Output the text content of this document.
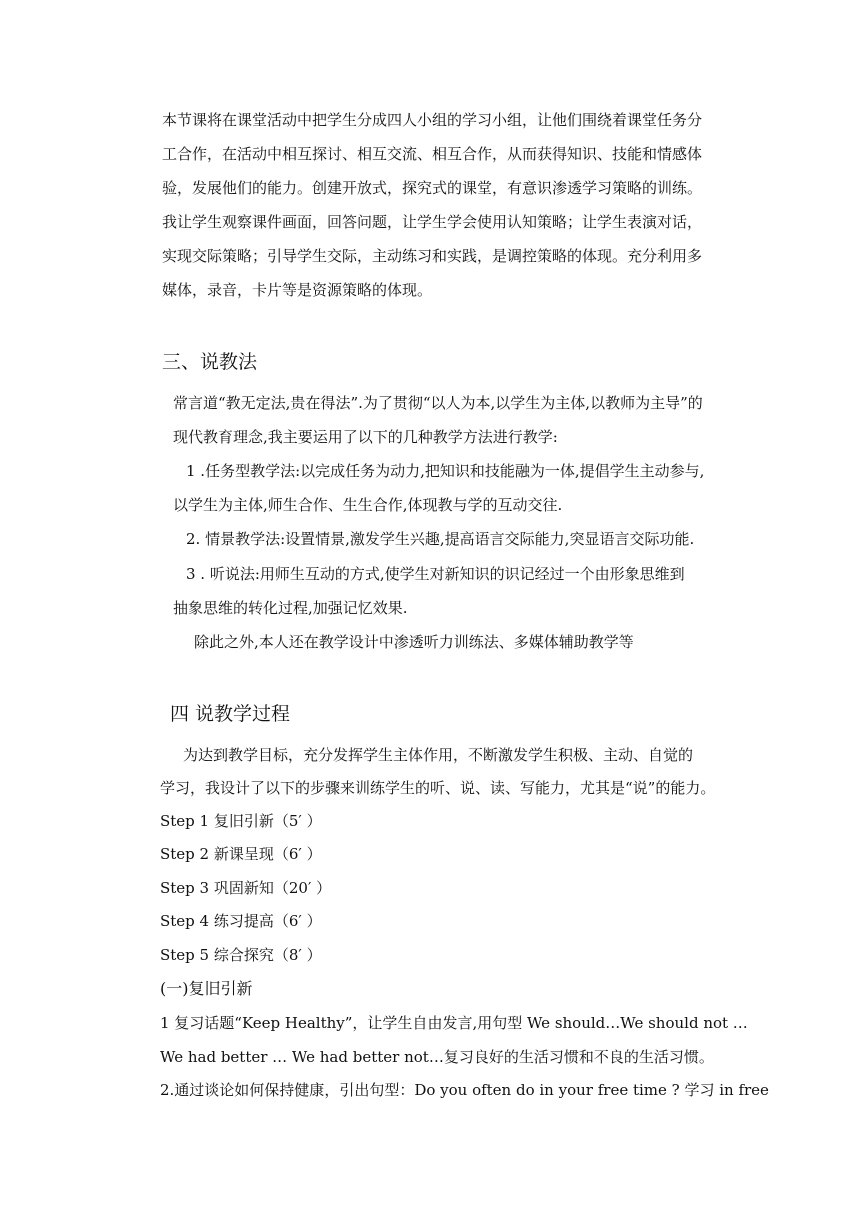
本节课将在课堂活动中把学生分成四人小组的学习小组，让他们围绕着课堂任务分
工合作，在活动中相互探讨、相互交流、相互合作，从而获得知识、技能和情感体
验，发展他们的能力。创建开放式，探究式的课堂，有意识渗透学习策略的训练。
我让学生观察课件画面，回答问题，让学生学会使用认知策略；让学生表演对话，
实现交际策略；引导学生交际，主动练习和实践，是调控策略的体现。充分利用多
媒体，录音，卡片等是资源策略的体现。
三、说教法
常言道“教无定法,贵在得法”.为了贯彻“以人为本,以学生为主体,以教师为主导”的
现代教育理念,我主要运用了以下的几种教学方法进行教学:
1 .任务型教学法:以完成任务为动力,把知识和技能融为一体,提倡学生主动参与,
以学生为主体,师生合作、生生合作,体现教与学的互动交往.
2. 情景教学法:设置情景,激发学生兴趣,提高语言交际能力,突显语言交际功能.
3 . 听说法:用师生互动的方式,使学生对新知识的识记经过一个由形象思维到
抽象思维的转化过程,加强记忆效果.
除此之外,本人还在教学设计中渗透听力训练法、多媒体辅助教学等
四 说教学过程
为达到教学目标，充分发挥学生主体作用，不断激发学生积极、主动、自觉的
学习，我设计了以下的步骤来训练学生的听、说、读、写能力，尤其是“说”的能力。
Step 1 复旧引新（5′ ）
Step 2 新课呈现（6′ ）
Step 3 巩固新知（20′ ）
Step 4 练习提高（6′ ）
Step 5 综合探究（8′ ）
(一)复旧引新
1 复习话题“Keep Healthy”，让学生自由发言,用句型 We should…We should not …
We had better … We had better not…复习良好的生活习惯和不良的生活习惯。
2.通过谈论如何保持健康，引出句型：Do you often do in your free time ? 学习 in free
